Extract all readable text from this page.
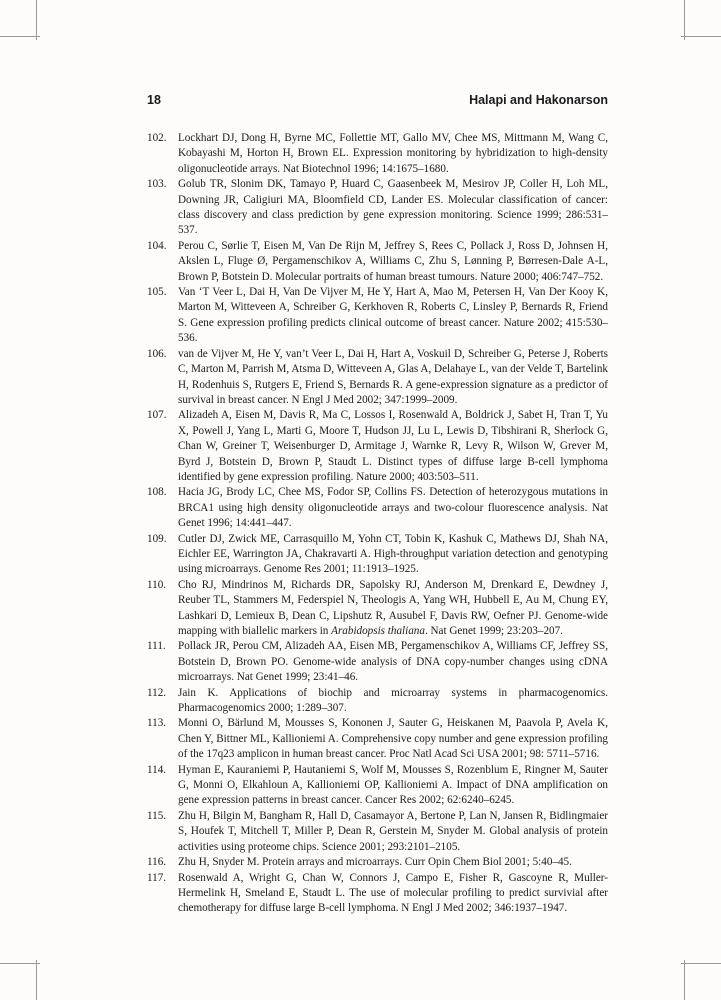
18	Halapi and Hakonarson
102.	Lockhart DJ, Dong H, Byrne MC, Follettie MT, Gallo MV, Chee MS, Mittmann M, Wang C, Kobayashi M, Horton H, Brown EL. Expression monitoring by hybridization to high-density oligonucleotide arrays. Nat Biotechnol 1996; 14:1675–1680.
103.	Golub TR, Slonim DK, Tamayo P, Huard C, Gaasenbeek M, Mesirov JP, Coller H, Loh ML, Downing JR, Caligiuri MA, Bloomfield CD, Lander ES. Molecular classification of cancer: class discovery and class prediction by gene expression monitoring. Science 1999; 286:531–537.
104.	Perou C, Sørlie T, Eisen M, Van De Rijn M, Jeffrey S, Rees C, Pollack J, Ross D, Johnsen H, Akslen L, Fluge Ø, Pergamenschikov A, Williams C, Zhu S, Lønning P, Børresen-Dale A-L, Brown P, Botstein D. Molecular portraits of human breast tumours. Nature 2000; 406:747–752.
105.	Van ‘T Veer L, Dai H, Van De Vijver M, He Y, Hart A, Mao M, Petersen H, Van Der Kooy K, Marton M, Witteveen A, Schreiber G, Kerkhoven R, Roberts C, Linsley P, Bernards R, Friend S. Gene expression profiling predicts clinical outcome of breast cancer. Nature 2002; 415:530–536.
106.	van de Vijver M, He Y, van’t Veer L, Dai H, Hart A, Voskuil D, Schreiber G, Peterse J, Roberts C, Marton M, Parrish M, Atsma D, Witteveen A, Glas A, Delahaye L, van der Velde T, Bartelink H, Rodenhuis S, Rutgers E, Friend S, Bernards R. A gene-expression signature as a predictor of survival in breast cancer. N Engl J Med 2002; 347:1999–2009.
107.	Alizadeh A, Eisen M, Davis R, Ma C, Lossos I, Rosenwald A, Boldrick J, Sabet H, Tran T, Yu X, Powell J, Yang L, Marti G, Moore T, Hudson JJ, Lu L, Lewis D, Tibshirani R, Sherlock G, Chan W, Greiner T, Weisenburger D, Armitage J, Warnke R, Levy R, Wilson W, Grever M, Byrd J, Botstein D, Brown P, Staudt L. Distinct types of diffuse large B-cell lymphoma identified by gene expression profiling. Nature 2000; 403:503–511.
108.	Hacia JG, Brody LC, Chee MS, Fodor SP, Collins FS. Detection of heterozygous mutations in BRCA1 using high density oligonucleotide arrays and two-colour fluorescence analysis. Nat Genet 1996; 14:441–447.
109.	Cutler DJ, Zwick ME, Carrasquillo M, Yohn CT, Tobin K, Kashuk C, Mathews DJ, Shah NA, Eichler EE, Warrington JA, Chakravarti A. High-throughput variation detection and genotyping using microarrays. Genome Res 2001; 11:1913–1925.
110.	Cho RJ, Mindrinos M, Richards DR, Sapolsky RJ, Anderson M, Drenkard E, Dewdney J, Reuber TL, Stammers M, Federspiel N, Theologis A, Yang WH, Hubbell E, Au M, Chung EY, Lashkari D, Lemieux B, Dean C, Lipshutz R, Ausubel F, Davis RW, Oefner PJ. Genome-wide mapping with biallelic markers in Arabidopsis thaliana. Nat Genet 1999; 23:203–207.
111.	Pollack JR, Perou CM, Alizadeh AA, Eisen MB, Pergamenschikov A, Williams CF, Jeffrey SS, Botstein D, Brown PO. Genome-wide analysis of DNA copy-number changes using cDNA microarrays. Nat Genet 1999; 23:41–46.
112.	Jain K. Applications of biochip and microarray systems in pharmacogenomics. Pharmacogenomics 2000; 1:289–307.
113.	Monni O, Bärlund M, Mousses S, Kononen J, Sauter G, Heiskanen M, Paavola P, Avela K, Chen Y, Bittner ML, Kallioniemi A. Comprehensive copy number and gene expression profiling of the 17q23 amplicon in human breast cancer. Proc Natl Acad Sci USA 2001; 98: 5711–5716.
114.	Hyman E, Kauraniemi P, Hautaniemi S, Wolf M, Mousses S, Rozenblum E, Ringner M, Sauter G, Monni O, Elkahloun A, Kallioniemi OP, Kallioniemi A. Impact of DNA amplification on gene expression patterns in breast cancer. Cancer Res 2002; 62:6240–6245.
115.	Zhu H, Bilgin M, Bangham R, Hall D, Casamayor A, Bertone P, Lan N, Jansen R, Bidlingmaier S, Houfek T, Mitchell T, Miller P, Dean R, Gerstein M, Snyder M. Global analysis of protein activities using proteome chips. Science 2001; 293:2101–2105.
116.	Zhu H, Snyder M. Protein arrays and microarrays. Curr Opin Chem Biol 2001; 5:40–45.
117.	Rosenwald A, Wright G, Chan W, Connors J, Campo E, Fisher R, Gascoyne R, Muller-Hermelink H, Smeland E, Staudt L. The use of molecular profiling to predict survivial after chemotherapy for diffuse large B-cell lymphoma. N Engl J Med 2002; 346:1937–1947.
